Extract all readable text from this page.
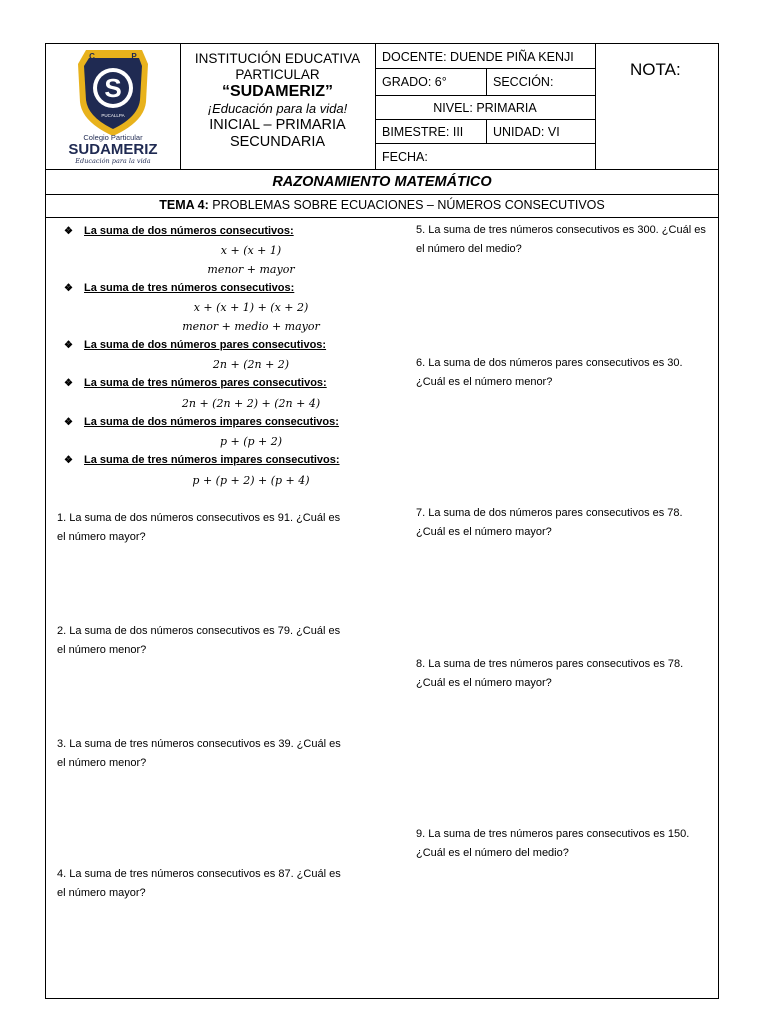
S
C	P
PUCALLPA
Colegio Particular
SUDAMERIZ
Educación para la vida
INSTITUCIÓN EDUCATIVA
PARTICULAR
“SUDAMERIZ”
¡Educación para la vida!
INICIAL – PRIMARIA
SECUNDARIA
DOCENTE: DUENDE PIÑA KENJI
GRADO: 6°	SECCIÓN:
NIVEL: PRIMARIA
BIMESTRE: III UNIDAD: VI
FECHA:
NOTA:
RAZONAMIENTO MATEMÁTICO
TEMA 4: PROBLEMAS SOBRE ECUACIONES – NÚMEROS CONSECUTIVOS
❖ La suma de dos números consecutivos:
x + (x + 1)
menor + mayor
❖ La suma de tres números consecutivos:
x + (x + 1) + (x + 2)
menor + medio + mayor
❖ La suma de dos números pares consecutivos:
2n + (2n + 2)
❖ La suma de tres números pares consecutivos:
2n + (2n + 2) + (2n + 4)
❖ La suma de dos números impares consecutivos:
p + (p + 2)
❖ La suma de tres números impares consecutivos:
p + (p + 2) + (p + 4)
1. La suma de dos números consecutivos es 91. ¿Cuál es
el número mayor?
2. La suma de dos números consecutivos es 79. ¿Cuál es
el número menor?
3. La suma de tres números consecutivos es 39. ¿Cuál es
el número menor?
4. La suma de tres números consecutivos es 87. ¿Cuál es
el número mayor?
5. La suma de tres números consecutivos es 300. ¿Cuál es
el número del medio?
6. La suma de dos números pares consecutivos es 30.
¿Cuál es el número menor?
7. La suma de dos números pares consecutivos es 78.
¿Cuál es el número mayor?
8. La suma de tres números pares consecutivos es 78.
¿Cuál es el número mayor?
9. La suma de tres números pares consecutivos es 150.
¿Cuál es el número del medio?
